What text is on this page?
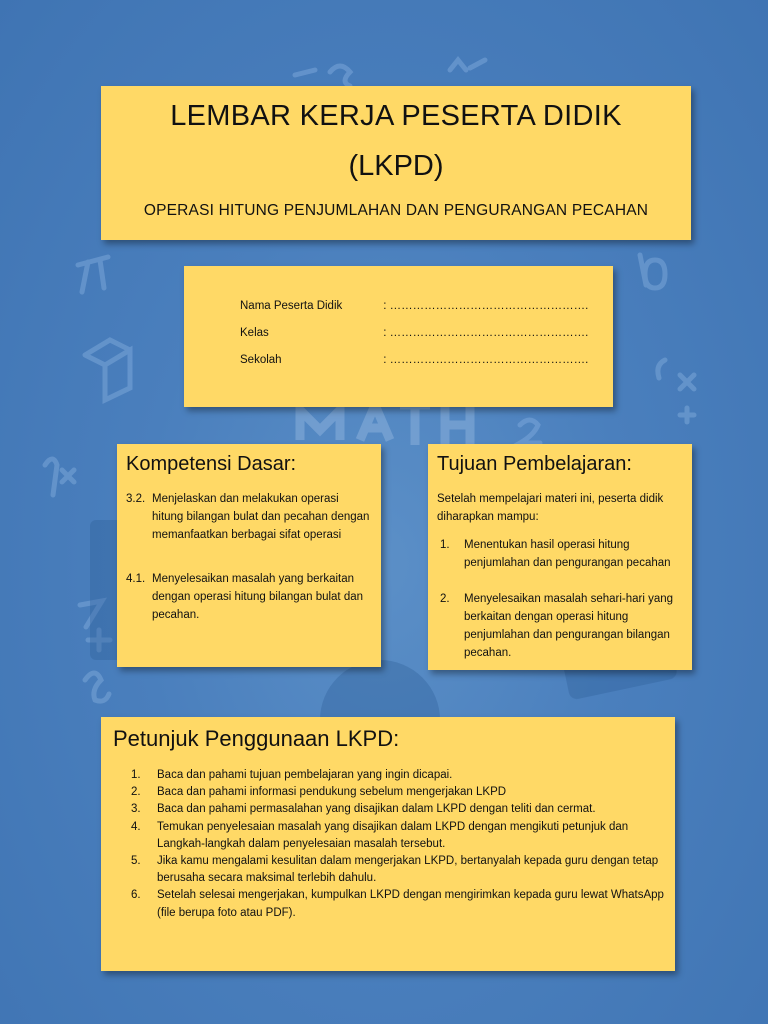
LEMBAR KERJA PESERTA DIDIK
(LKPD)
OPERASI HITUNG PENJUMLAHAN DAN PENGURANGAN PECAHAN
Nama Peserta Didik	: …………………………………………….
Kelas	: …………………………………………….
Sekolah	: …………………………………………….
Kompetensi Dasar:
3.2. Menjelaskan dan melakukan operasi hitung bilangan bulat dan pecahan dengan memanfaatkan berbagai sifat operasi
4.1. Menyelesaikan masalah yang berkaitan dengan operasi hitung bilangan bulat dan pecahan.
Tujuan Pembelajaran:
Setelah mempelajari materi ini, peserta didik diharapkan mampu:
1. Menentukan hasil operasi hitung penjumlahan dan pengurangan pecahan
2. Menyelesaikan masalah sehari-hari yang berkaitan dengan operasi hitung penjumlahan dan pengurangan bilangan pecahan.
Petunjuk Penggunaan LKPD:
1. Baca dan pahami tujuan pembelajaran yang ingin dicapai.
2. Baca dan pahami informasi pendukung sebelum mengerjakan LKPD
3. Baca dan pahami permasalahan yang disajikan dalam LKPD dengan teliti dan cermat.
4. Temukan penyelesaian masalah yang disajikan dalam LKPD dengan mengikuti petunjuk dan Langkah-langkah dalam penyelesaian masalah tersebut.
5. Jika kamu mengalami kesulitan dalam mengerjakan LKPD, bertanyalah kepada guru dengan tetap berusaha secara maksimal terlebih dahulu.
6. Setelah selesai mengerjakan, kumpulkan LKPD dengan mengirimkan kepada guru lewat WhatsApp (file berupa foto atau PDF).
